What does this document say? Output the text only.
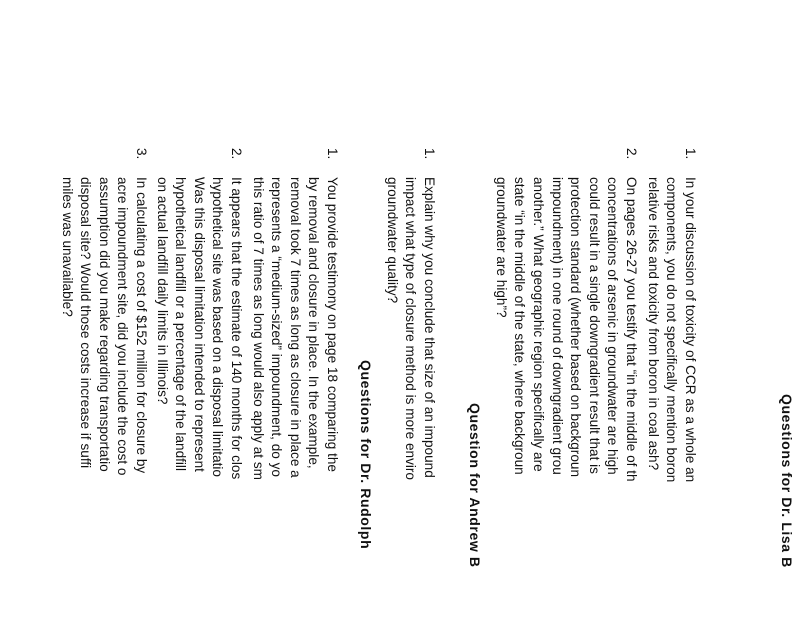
Questions for Dr. Lisa B
1.
In your discussion of toxicity of CCR as a whole an
components, you do not specifically mention boron
relative risks and toxicity from boron in coal ash?
2.
On pages 26-27 you testify that “in the middle of th
concentrations of arsenic in groundwater are high
could result in a single downgradient result that is
protection standard (whether based on backgroun
impoundment) in one round of downgradient grou
another.” What geographic region specifically are
state “in the middle of the state, where backgroun
groundwater are high”?
Question for Andrew B
1.
Explain why you conclude that size of an impound
impact what type of closure method is more enviro
groundwater quality?
Questions for Dr. Rudolph
1.
You provide testimony on page 18 comparing the
by removal and closure in place. In the example,
removal took 7 times as long as closure in place a
represents a “medium-sized” impoundment, do yo
this ratio of 7 times as long would also apply at sm
2.
It appears that the estimate of 140 months for clos
hypothetical site was based on a disposal limitatio
Was this disposal limitation intended to represent
hypothetical landfill or a percentage of the landfill
on actual landfill daily limits in Illinois?
3.
In calculating a cost of $152 million for closure by
acre impoundment site, did you include the cost o
assumption did you make regarding transportatio
disposal site? Would those costs increase if suffi
miles was unavailable?
